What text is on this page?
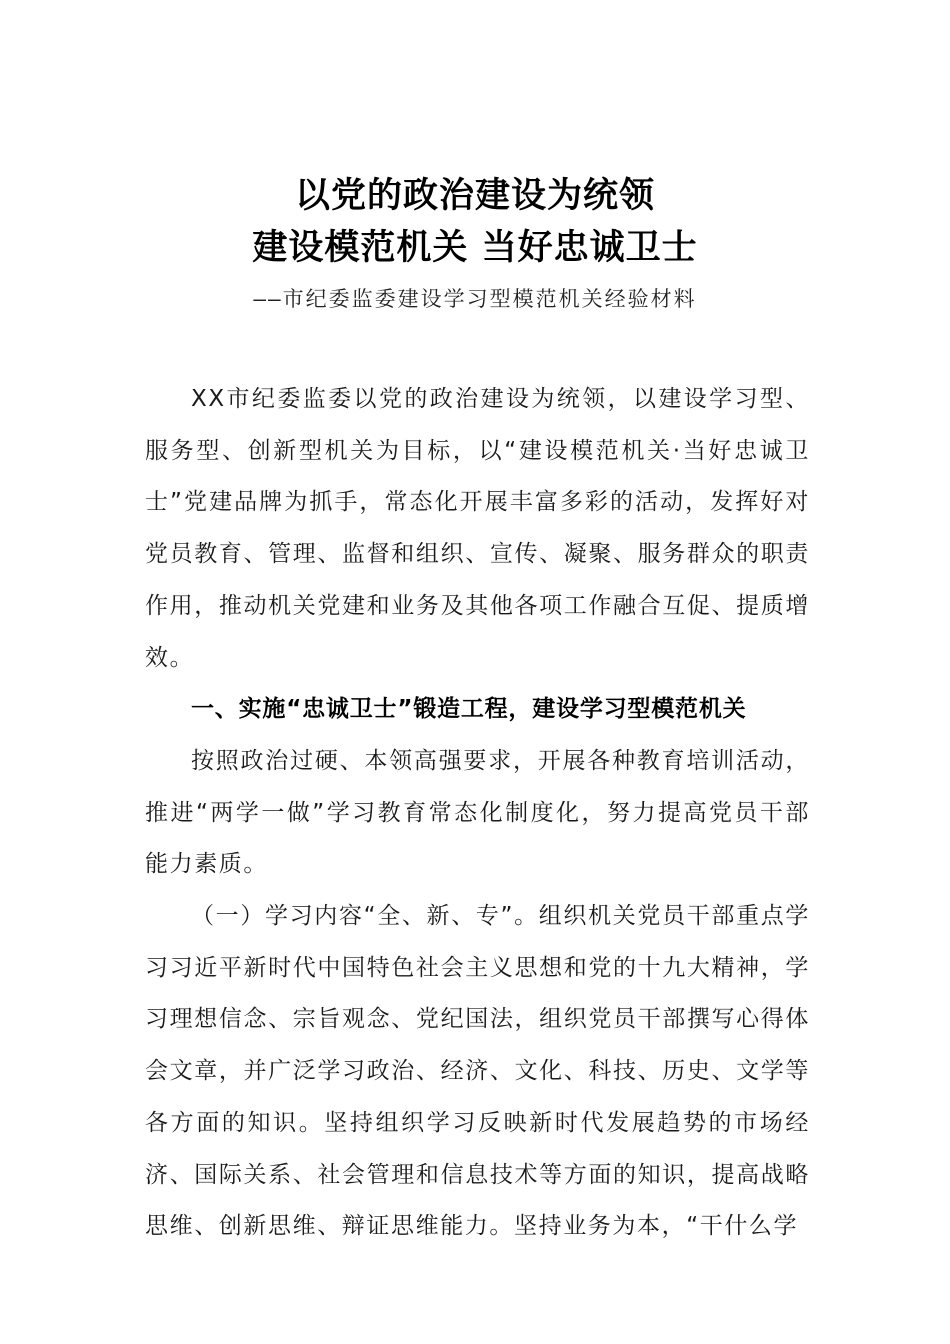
以党的政治建设为统领
建设模范机关 当好忠诚卫士
——市纪委监委建设学习型模范机关经验材料

XX市纪委监委以党的政治建设为统领，以建设学习型、服务型、创新型机关为目标，以“建设模范机关·当好忠诚卫士”党建品牌为抓手，常态化开展丰富多彩的活动，发挥好对党员教育、管理、监督和组织、宣传、凝聚、服务群众的职责作用，推动机关党建和业务及其他各项工作融合互促、提质增效。

一、实施“忠诚卫士”锻造工程，建设学习型模范机关

按照政治过硬、本领高强要求，开展各种教育培训活动，推进“两学一做”学习教育常态化制度化，努力提高党员干部能力素质。

（一）学习内容“全、新、专”。组织机关党员干部重点学习习近平新时代中国特色社会主义思想和党的十九大精神，学习理想信念、宗旨观念、党纪国法，组织党员干部撰写心得体会文章，并广泛学习政治、经济、文化、科技、历史、文学等各方面的知识。坚持组织学习反映新时代发展趋势的市场经济、国际关系、社会管理和信息技术等方面的知识，提高战略思维、创新思维、辩证思维能力。坚持业务为本，“干什么学
